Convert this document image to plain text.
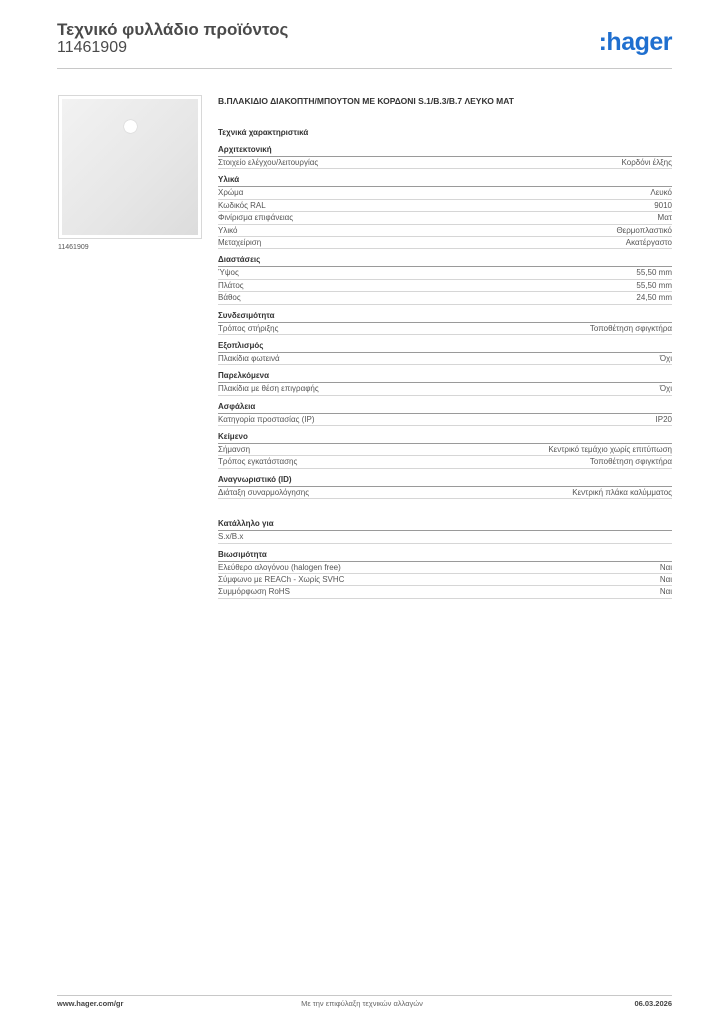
Τεχνικό φυλλάδιο προϊόντος
11461909	:hager
11461909
Β.ΠΛΑΚΙΔΙΟ ΔΙΑΚΟΠΤΗ/ΜΠΟΥΤΟΝ ΜΕ ΚΟΡΔΟΝΙ S.1/B.3/B.7 ΛΕΥΚΟ ΜΑΤ
Τεχνικά χαρακτηριστικά
Αρχιτεκτονική
Στοιχείο ελέγχου/λειτουργίας	Κορδόνι έλξης
Υλικά
Χρώμα	Λευκό
Κωδικός RAL	9010
Φινίρισμα επιφάνειας	Ματ
Υλικό	Θερμοπλαστικό
Μεταχείριση	Ακατέργαστο
Διαστάσεις
Ύψος	55,50 mm
Πλάτος	55,50 mm
Βάθος	24,50 mm
Συνδεσιμότητα
Τρόπος στήριξης	Τοποθέτηση σφιγκτήρα
Εξοπλισμός
Πλακίδια φωτεινά	Όχι
Παρελκόμενα
Πλακίδια με θέση επιγραφής	Όχι
Ασφάλεια
Κατηγορία προστασίας (IP)	IP20
Κείμενο
Σήμανση	Κεντρικό τεμάχιο χωρίς επιτύπωση
Τρόπος εγκατάστασης	Τοποθέτηση σφιγκτήρα
Αναγνωριστικό (ID)
Διάταξη συναρμολόγησης	Κεντρική πλάκα καλύμματος
Κατάλληλο για
S.x/B.x
Βιωσιμότητα
Ελεύθερο αλογόνου (halogen free)	Ναι
Σύμφωνο με REACh - Χωρίς SVHC	Ναι
Συμμόρφωση RoHS	Ναι
www.hager.com/gr	Με την επιφύλαξη τεχνικών αλλαγών	06.03.2026
